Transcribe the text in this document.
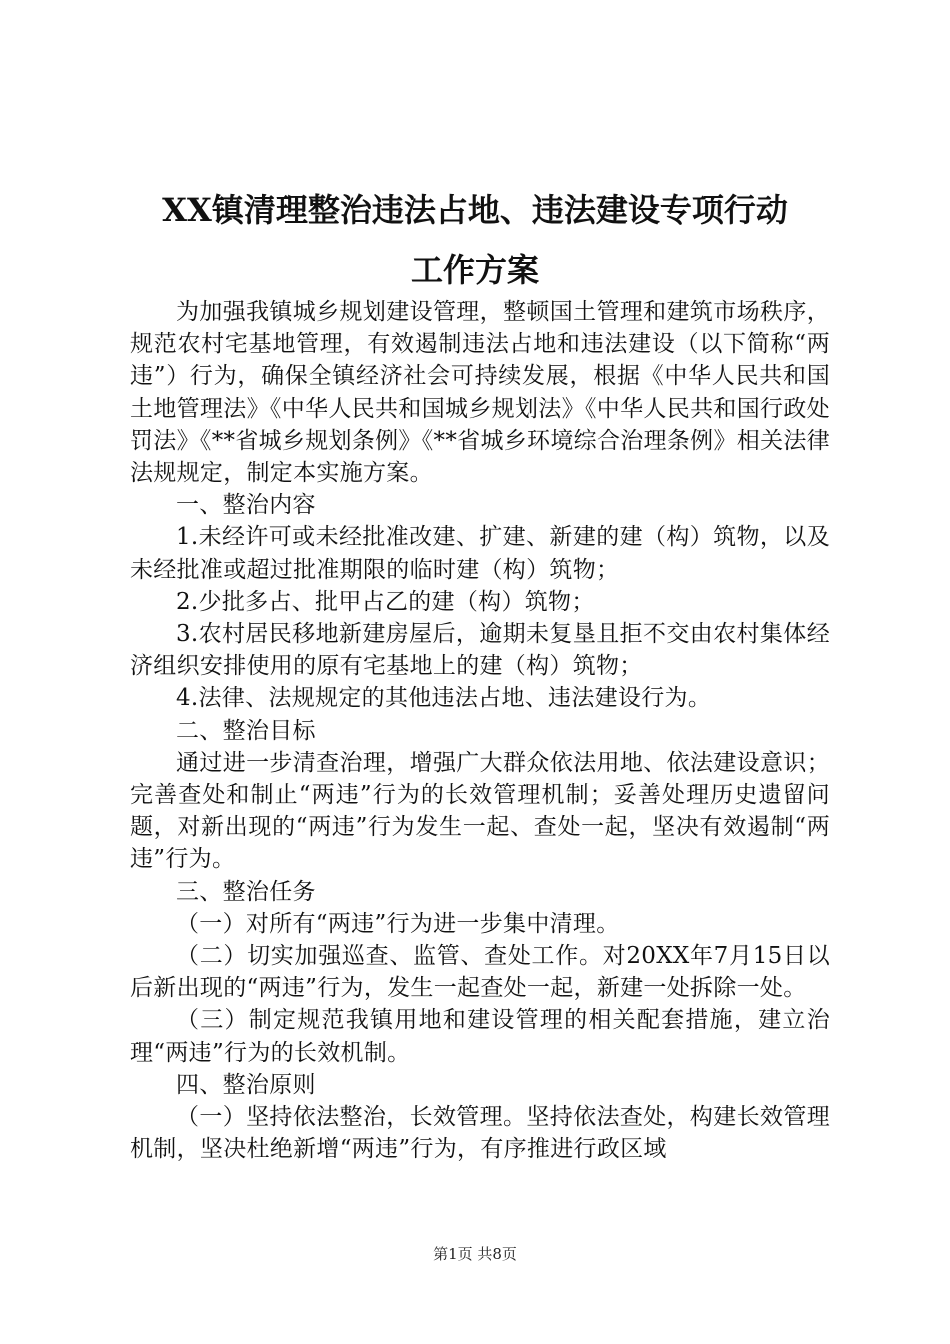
XX镇清理整治违法占地、违法建设专项行动
工作方案

为加强我镇城乡规划建设管理，整顿国土管理和建筑市场秩序，规范农村宅基地管理，有效遏制违法占地和违法建设（以下简称“两违”）行为，确保全镇经济社会可持续发展，根据《中华人民共和国土地管理法》《中华人民共和国城乡规划法》《中华人民共和国行政处罚法》《**省城乡规划条例》《**省城乡环境综合治理条例》相关法律法规规定，制定本实施方案。

一、整治内容

1.未经许可或未经批准改建、扩建、新建的建（构）筑物，以及未经批准或超过批准期限的临时建（构）筑物；

2.少批多占、批甲占乙的建（构）筑物；

3.农村居民移地新建房屋后，逾期未复垦且拒不交由农村集体经济组织安排使用的原有宅基地上的建（构）筑物；

4.法律、法规规定的其他违法占地、违法建设行为。

二、整治目标

通过进一步清查治理，增强广大群众依法用地、依法建设意识；完善查处和制止“两违”行为的长效管理机制；妥善处理历史遗留问题，对新出现的“两违”行为发生一起、查处一起，坚决有效遏制“两违”行为。

三、整治任务

（一）对所有“两违”行为进一步集中清理。

（二）切实加强巡查、监管、查处工作。对20XX年7月15日以后新出现的“两违”行为，发生一起查处一起，新建一处拆除一处。

（三）制定规范我镇用地和建设管理的相关配套措施，建立治理“两违”行为的长效机制。

四、整治原则

（一）坚持依法整治，长效管理。坚持依法查处，构建长效管理机制，坚决杜绝新增“两违”行为，有序推进行政区域

第1页 共8页
